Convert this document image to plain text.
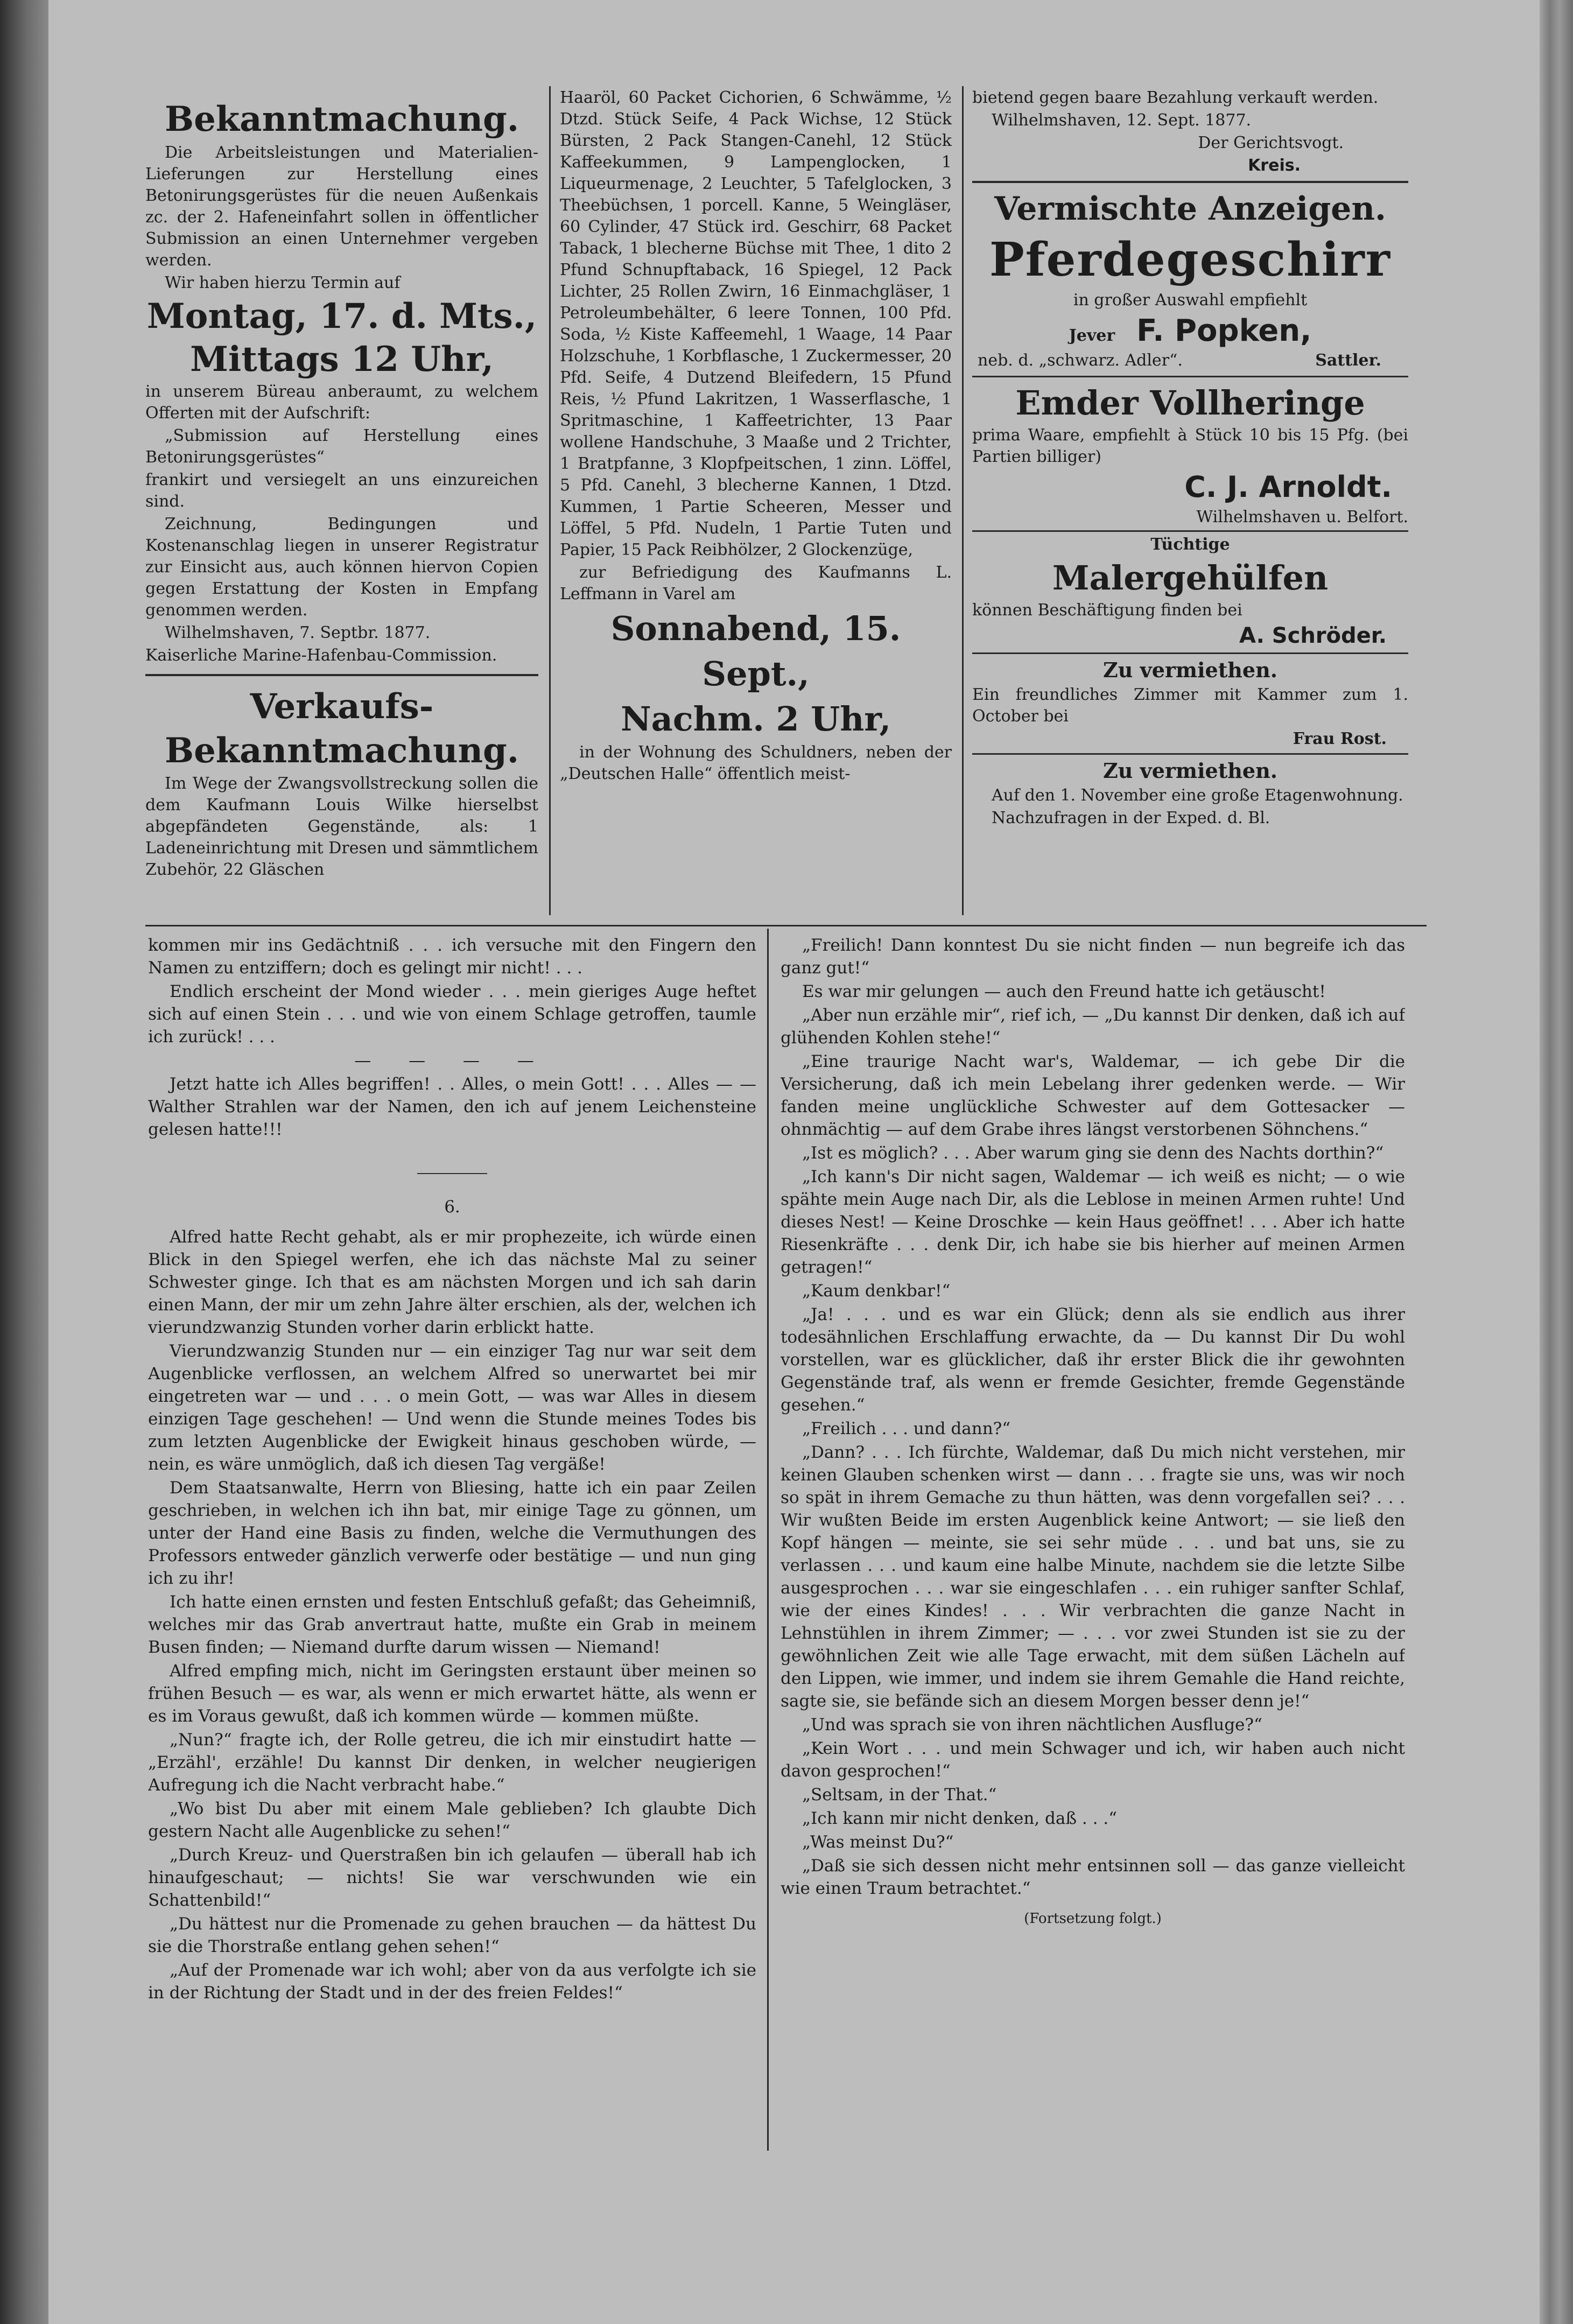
Bekanntmachung.

Die Arbeitsleistungen und Materialien-Lieferungen zur Herstellung eines Betonirungsgerüstes für die neuen Außenkais zc. der 2. Hafeneinfahrt sollen in öffentlicher Submission an einen Unternehmer vergeben werden.

Wir haben hierzu Termin auf

Montag, 17. d. Mts.,
Mittags 12 Uhr,

in unserem Büreau anberaumt, zu welchem Offerten mit der Aufschrift:

„Submission auf Herstellung eines Betonirungsgerüstes“

frankirt und versiegelt an uns einzureichen sind.

Zeichnung, Bedingungen und Kostenanschlag liegen in unserer Registratur zur Einsicht aus, auch können hiervon Copien gegen Erstattung der Kosten in Empfang genommen werden.

Wilhelmshaven, 7. Septbr. 1877.

Kaiserliche Marine-Hafenbau-Commission.

Verkaufs-
Bekanntmachung.

Im Wege der Zwangsvollstreckung sollen die dem Kaufmann Louis Wilke hierselbst abgepfändeten Gegenstände, als: 1 Ladeneinrichtung mit Dresen und sämmtlichem Zubehör, 22 Gläschen

Haaröl, 60 Packet Cichorien, 6 Schwämme, ½ Dtzd. Stück Seife, 4 Pack Wichse, 12 Stück Bürsten, 2 Pack Stangen-Canehl, 12 Stück Kaffeekummen, 9 Lampenglocken, 1 Liqueurmenage, 2 Leuchter, 5 Tafelglocken, 3 Theebüchsen, 1 porcell. Kanne, 5 Weingläser, 60 Cylinder, 47 Stück ird. Geschirr, 68 Packet Taback, 1 blecherne Büchse mit Thee, 1 dito 2 Pfund Schnupftaback, 16 Spiegel, 12 Pack Lichter, 25 Rollen Zwirn, 16 Einmachgläser, 1 Petroleumbehälter, 6 leere Tonnen, 100 Pfd. Soda, ½ Kiste Kaffeemehl, 1 Waage, 14 Paar Holzschuhe, 1 Korbflasche, 1 Zuckermesser, 20 Pfd. Seife, 4 Dutzend Bleifedern, 15 Pfund Reis, ½ Pfund Lakritzen, 1 Wasserflasche, 1 Spritmaschine, 1 Kaffeetrichter, 13 Paar wollene Handschuhe, 3 Maaße und 2 Trichter, 1 Bratpfanne, 3 Klopfpeitschen, 1 zinn. Löffel, 5 Pfd. Canehl, 3 blecherne Kannen, 1 Dtzd. Kummen, 1 Partie Scheeren, Messer und Löffel, 5 Pfd. Nudeln, 1 Partie Tuten und Papier, 15 Pack Reibhölzer, 2 Glockenzüge,

zur Befriedigung des Kaufmanns L. Leffmann in Varel am

Sonnabend, 15. Sept.,
Nachm. 2 Uhr,

in der Wohnung des Schuldners, neben der „Deutschen Halle“ öffentlich meist-

bietend gegen baare Bezahlung verkauft werden.

Wilhelmshaven, 12. Sept. 1877.

Der Gerichtsvogt.

Kreis.

Vermischte Anzeigen.
Pferdegeschirr

in großer Auswahl empfiehlt

Jever F. Popken,
neb. d. „schwarz. Adler“.	Sattler.
Emder Vollheringe

prima Waare, empfiehlt à Stück 10 bis 15 Pfg. (bei Partien billiger)

C. J. Arnoldt.

Wilhelmshaven u. Belfort.

Tüchtige

Malergehülfen

können Beschäftigung finden bei

A. Schröder.

Zu vermiethen.

Ein freundliches Zimmer mit Kammer zum 1. October bei

Frau Rost.

Zu vermiethen.

Auf den 1. November eine große Etagenwohnung.

Nachzufragen in der Exped. d. Bl.

kommen mir ins Gedächtniß . . . ich versuche mit den Fingern den Namen zu entziffern; doch es gelingt mir nicht! . . .

Endlich erscheint der Mond wieder . . . mein gieriges Auge heftet sich auf einen Stein . . . und wie von einem Schlage getroffen, taumle ich zurück! . . .

— — — —

Jetzt hatte ich Alles begriffen! . . Alles, o mein Gott! . . . Alles — — Walther Strahlen war der Namen, den ich auf jenem Leichensteine gelesen hatte!!!

6.

Alfred hatte Recht gehabt, als er mir prophezeite, ich würde einen Blick in den Spiegel werfen, ehe ich das nächste Mal zu seiner Schwester ginge. Ich that es am nächsten Morgen und ich sah darin einen Mann, der mir um zehn Jahre älter erschien, als der, welchen ich vierundzwanzig Stunden vorher darin erblickt hatte.

Vierundzwanzig Stunden nur — ein einziger Tag nur war seit dem Augenblicke verflossen, an welchem Alfred so unerwartet bei mir eingetreten war — und . . . o mein Gott, — was war Alles in diesem einzigen Tage geschehen! — Und wenn die Stunde meines Todes bis zum letzten Augenblicke der Ewigkeit hinaus geschoben würde, — nein, es wäre unmöglich, daß ich diesen Tag vergäße!

Dem Staatsanwalte, Herrn von Bliesing, hatte ich ein paar Zeilen geschrieben, in welchen ich ihn bat, mir einige Tage zu gönnen, um unter der Hand eine Basis zu finden, welche die Vermuthungen des Professors entweder gänzlich verwerfe oder bestätige — und nun ging ich zu ihr!

Ich hatte einen ernsten und festen Entschluß gefaßt; das Geheimniß, welches mir das Grab anvertraut hatte, mußte ein Grab in meinem Busen finden; — Niemand durfte darum wissen — Niemand!

Alfred empfing mich, nicht im Geringsten erstaunt über meinen so frühen Besuch — es war, als wenn er mich erwartet hätte, als wenn er es im Voraus gewußt, daß ich kommen würde — kommen müßte.

„Nun?“ fragte ich, der Rolle getreu, die ich mir einstudirt hatte — „Erzähl', erzähle! Du kannst Dir denken, in welcher neugierigen Aufregung ich die Nacht verbracht habe.“

„Wo bist Du aber mit einem Male geblieben? Ich glaubte Dich gestern Nacht alle Augenblicke zu sehen!“

„Durch Kreuz- und Querstraßen bin ich gelaufen — überall hab ich hinaufgeschaut; — nichts! Sie war verschwunden wie ein Schattenbild!“

„Du hättest nur die Promenade zu gehen brauchen — da hättest Du sie die Thorstraße entlang gehen sehen!“

„Auf der Promenade war ich wohl; aber von da aus verfolgte ich sie in der Richtung der Stadt und in der des freien Feldes!“

„Freilich! Dann konntest Du sie nicht finden — nun begreife ich das ganz gut!“

Es war mir gelungen — auch den Freund hatte ich getäuscht!

„Aber nun erzähle mir“, rief ich, — „Du kannst Dir denken, daß ich auf glühenden Kohlen stehe!“

„Eine traurige Nacht war's, Waldemar, — ich gebe Dir die Versicherung, daß ich mein Lebelang ihrer gedenken werde. — Wir fanden meine unglückliche Schwester auf dem Gottesacker — ohnmächtig — auf dem Grabe ihres längst verstorbenen Söhnchens.“

„Ist es möglich? . . . Aber warum ging sie denn des Nachts dorthin?“

„Ich kann's Dir nicht sagen, Waldemar — ich weiß es nicht; — o wie spähte mein Auge nach Dir, als die Leblose in meinen Armen ruhte! Und dieses Nest! — Keine Droschke — kein Haus geöffnet! . . . Aber ich hatte Riesenkräfte . . . denk Dir, ich habe sie bis hierher auf meinen Armen getragen!“

„Kaum denkbar!“

„Ja! . . . und es war ein Glück; denn als sie endlich aus ihrer todesähnlichen Erschlaffung erwachte, da — Du kannst Dir Du wohl vorstellen, war es glücklicher, daß ihr erster Blick die ihr gewohnten Gegenstände traf, als wenn er fremde Gesichter, fremde Gegenstände gesehen.“

„Freilich . . . und dann?“

„Dann? . . . Ich fürchte, Waldemar, daß Du mich nicht verstehen, mir keinen Glauben schenken wirst — dann . . . fragte sie uns, was wir noch so spät in ihrem Gemache zu thun hätten, was denn vorgefallen sei? . . . Wir wußten Beide im ersten Augenblick keine Antwort; — sie ließ den Kopf hängen — meinte, sie sei sehr müde . . . und bat uns, sie zu verlassen . . . und kaum eine halbe Minute, nachdem sie die letzte Silbe ausgesprochen . . . war sie eingeschlafen . . . ein ruhiger sanfter Schlaf, wie der eines Kindes! . . . Wir verbrachten die ganze Nacht in Lehnstühlen in ihrem Zimmer; — . . . vor zwei Stunden ist sie zu der gewöhnlichen Zeit wie alle Tage erwacht, mit dem süßen Lächeln auf den Lippen, wie immer, und indem sie ihrem Gemahle die Hand reichte, sagte sie, sie befände sich an diesem Morgen besser denn je!“

„Und was sprach sie von ihren nächtlichen Ausfluge?“

„Kein Wort . . . und mein Schwager und ich, wir haben auch nicht davon gesprochen!“

„Seltsam, in der That.“

„Ich kann mir nicht denken, daß . . .“

„Was meinst Du?“

„Daß sie sich dessen nicht mehr entsinnen soll — das ganze vielleicht wie einen Traum betrachtet.“

(Fortsetzung folgt.)
